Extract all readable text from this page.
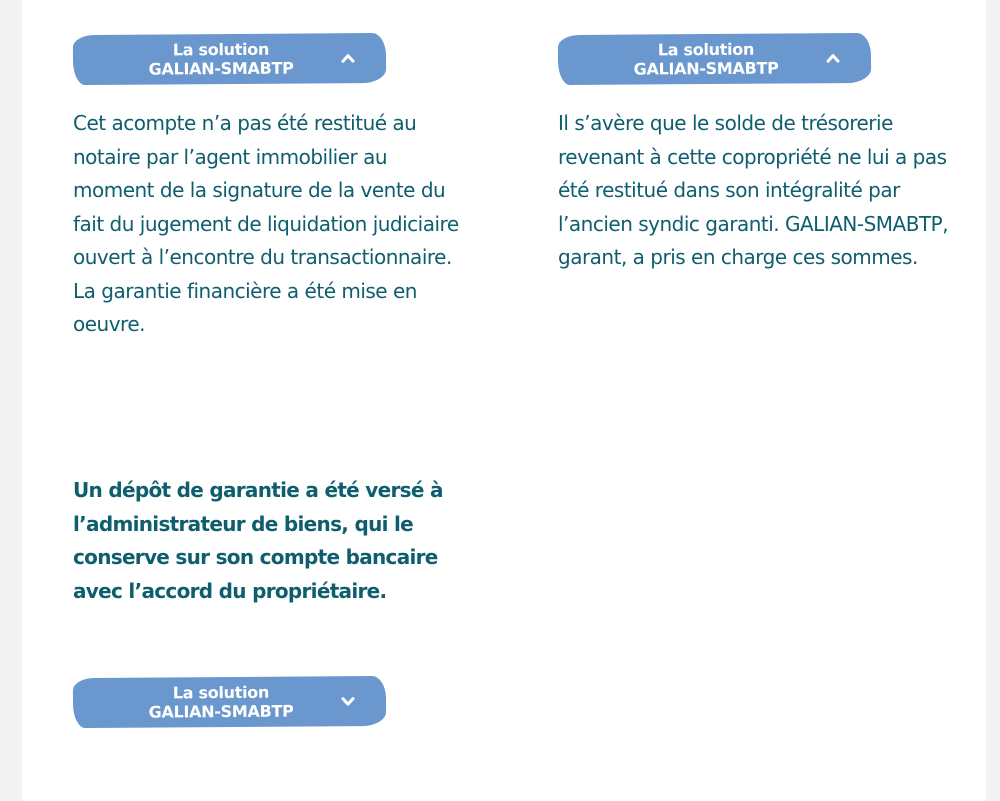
La solution
GALIAN-SMABTP

Cet acompte n’a pas été restitué au notaire par l’agent immobilier au moment de la signature de la vente du fait du jugement de liquidation judiciaire ouvert à l’encontre du transactionnaire. La garantie financière a été mise en oeuvre.

La solution
GALIAN-SMABTP

Il s’avère que le solde de trésorerie revenant à cette copropriété ne lui a pas été restitué dans son intégralité par l’ancien syndic garanti. GALIAN-SMABTP, garant, a pris en charge ces sommes.

Un dépôt de garantie a été versé à l’administrateur de biens, qui le conserve sur son compte bancaire avec l’accord du propriétaire.

La solution
GALIAN-SMABTP
